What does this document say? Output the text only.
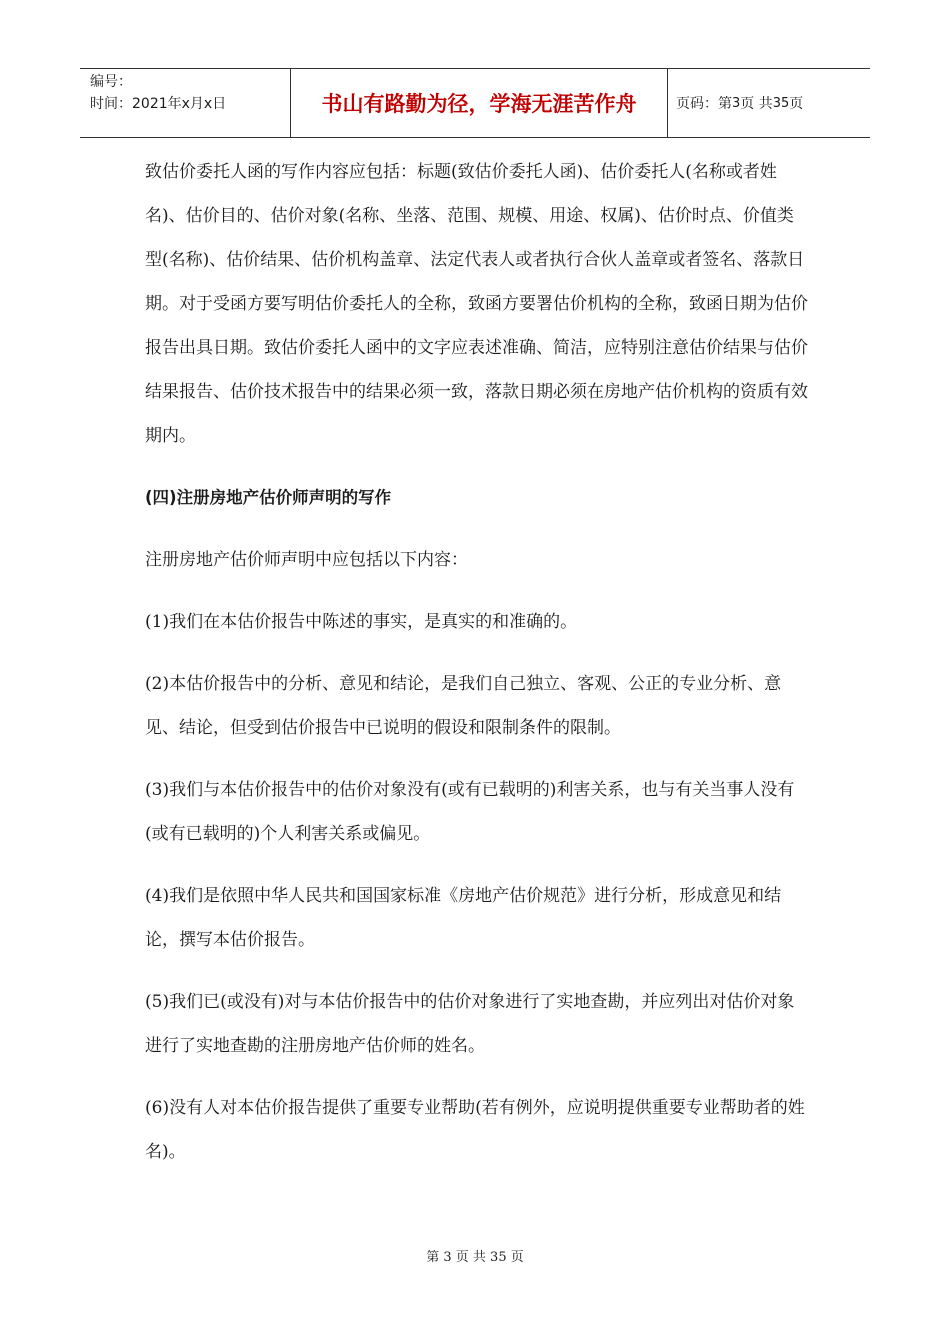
编号：
时间：2021年x月x日	书山有路勤为径，学海无涯苦作舟	页码：第 3 页 共 35 页

致估价委托人函的写作内容应包括：标题(致估价委托人函)、估价委托人(名称或者姓名)、估价目的、估价对象(名称、坐落、范围、规模、用途、权属)、估价时点、价值类型(名称)、估价结果、估价机构盖章、法定代表人或者执行合伙人盖章或者签名、落款日期。对于受函方要写明估价委托人的全称，致函方要署估价机构的全称，致函日期为估价报告出具日期。致估价委托人函中的文字应表述准确、简洁，应特别注意估价结果与估价结果报告、估价技术报告中的结果必须一致，落款日期必须在房地产估价机构的资质有效期内。

(四)注册房地产估价师声明的写作

注册房地产估价师声明中应包括以下内容：

(1)我们在本估价报告中陈述的事实，是真实的和准确的。

(2)本估价报告中的分析、意见和结论，是我们自己独立、客观、公正的专业分析、意见、结论，但受到估价报告中已说明的假设和限制条件的限制。

(3)我们与本估价报告中的估价对象没有(或有已载明的)利害关系，也与有关当事人没有(或有已载明的)个人利害关系或偏见。

(4)我们是依照中华人民共和国国家标准《房地产估价规范》进行分析，形成意见和结论，撰写本估价报告。

(5)我们已(或没有)对与本估价报告中的估价对象进行了实地查勘，并应列出对估价对象进行了实地查勘的注册房地产估价师的姓名。

(6)没有人对本估价报告提供了重要专业帮助(若有例外，应说明提供重要专业帮助者的姓名)。

第 3 页 共 35 页
